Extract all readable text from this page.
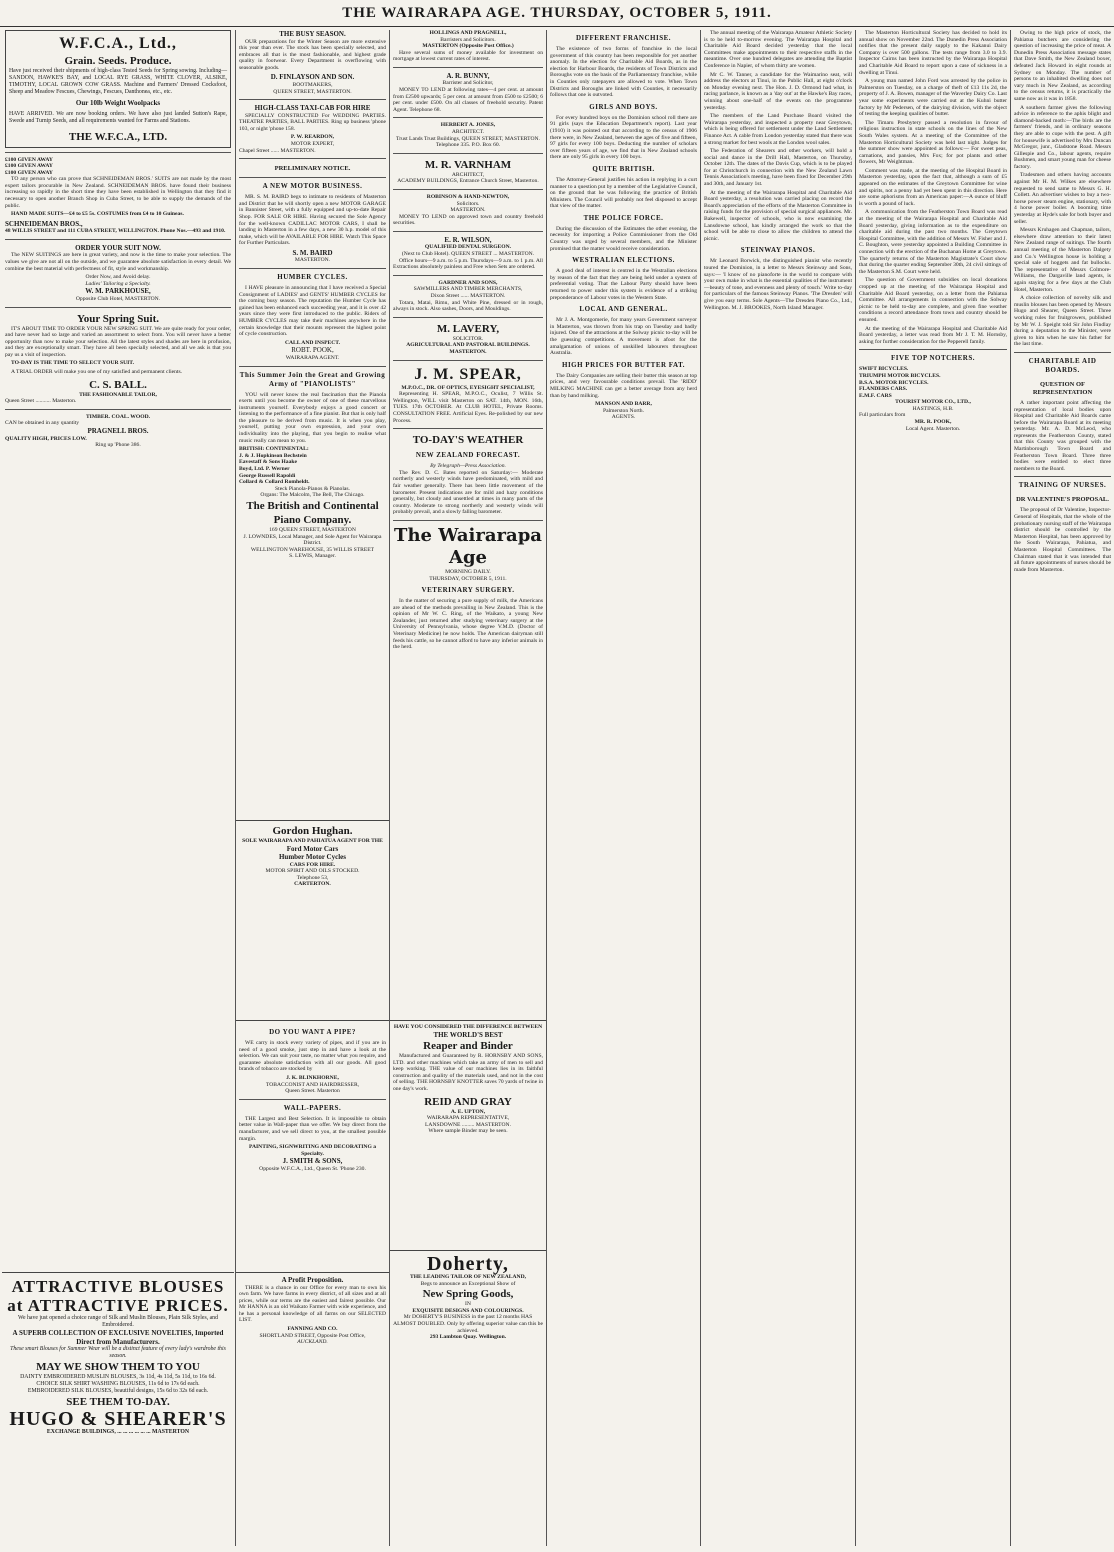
THE WAIRARAPA AGE. THURSDAY, OCTOBER 5, 1911.
W.F.C.A., Ltd.,
Grain. Seeds. Produce.
Have just received their shipments of high-class Tested Seeds for Spring sowing. Including— SANDON, HAWKE'S BAY, and LOCAL RYE GRASS, WHITE CLOVER, ALSIKE, TIMOTHY, LOCAL GROWN COW GRASS. Machine and Farmers' Dressed Cocksfoot, Sheep and Meadow Fescues, Chewings, Fescues, Danthonea, etc., etc.
Our 10lb Weight Woolpacks
HAVE ARRIVED. We are now booking orders. We have also just landed Sutton's Rape, Swede and Turnip Seeds, and all requirements wanted for Farms and Stations.
THE W.F.C.A., LTD.
£100 GIVEN AWAY
£100 GIVEN AWAY
£100 GIVEN AWAY

TO any person who can prove that SCHNEIDEMAN BROS.' SUITS are not made by the most expert tailors procurable in New Zealand. SCHNEIDEMAN BROS. have found their business increasing so rapidly in the short time they have been established in Wellington that they find it necessary to open another Branch Shop in Cuba Street, to be able to supply the demands of the public.

HAND MADE SUITS—£4 to £5 5s. COSTUMES from £4 to 10 Guineas.

SCHNEIDEMAN BROS.,
48 WILLIS STREET and 111 CUBA STREET, WELLINGTON. Phone Nos.—493 and 1910.
ORDER YOUR SUIT NOW.

The NEW SUITINGS are here in great variety, and now is the time to make your selection. The values we give are not all on the outside, and we guarantee absolute satisfaction in every detail. We combine the best material with perfectness of fit, style and workmanship.

Order Now, and Avoid delay.
Ladies' Tailoring a Specialty.
W. M. PARKHOUSE,
Opposite Club Hotel, MASTERTON.
Your Spring Suit.

IT'S ABOUT TIME TO ORDER YOUR NEW SPRING SUIT. We are quite ready for your order, and have never had so large and varied an assortment to select from. You will never have a better opportunity than now to make your selection. All the latest styles and shades are here in profusion, and they are exceptionally smart. They have all been specially selected, and all we ask is that you pay us a visit of inspection.

TO-DAY IS THE TIME TO SELECT YOUR SUIT.

A TRIAL ORDER will make you one of my satisfied and permanent clients.

C. S. BALL.
THE FASHIONABLE TAILOR,
Queen Street ........... Masterton.
TIMBER. COAL. WOOD.
CAN be obtained in any quantity
PRAGNELL BROS.
QUALITY HIGH, PRICES LOW.
Ring up 'Phone 386.
THE BUSY SEASON.

OUR preparations for the Winter Season are more extensive this year than ever. The stock has been specially selected, and embraces all that is the most fashionable, and highest grade quality in footwear. Every Department is overflowing with seasonable goods.

D. FINLAYSON AND SON.
BOOTMAKERS,
QUEEN STREET, MASTERTON.
HIGH-CLASS TAXI-CAB FOR HIRE

SPECIALLY CONSTRUCTED For WEDDING PARTIES. THEATRE PARTIES, BALL PARTIES. Ring up business 'phone 103, or night 'phone 158.

P. W. REARDON,
MOTOR EXPERT,
Chapel Street ...... MASTERTON.
PRELIMINARY NOTICE.
A NEW MOTOR BUSINESS.

MR. S. M. BAIRD begs to intimate to residents of Masterton and District that he will shortly open a new MOTOR GARAGE in Bannister Street, with a fully equipped and up-to-date Repair Shop. FOR SALE OR HIRE. Having secured the Sole Agency for the well-known CADILLAC MOTOR CARS, I shall be landing in Masterton in a few days, a new 30 h.p. model of this make, which will be AVAILABLE FOR HIRE. Watch This Space for Further Particulars.

S. M. BAIRD
MASTERTON.
HUMBER CYCLES.

I HAVE pleasure in announcing that I have received a Special Consignment of LADIES' and GENTS' HUMBER CYCLES for the coming busy season. The reputation the Humber Cycle has gained has been enhanced each succeeding year, and it is over 42 years since they were first introduced to the public. Riders of HUMBER CYCLES may take their machines anywhere in the certain knowledge that their mounts represent the highest point of cycle construction.

CALL AND INSPECT.
ROBT. POOK,
WAIRARAPA AGENT.
This Summer Join the Great and Growing Army of "PIANOLISTS"

YOU will never know the real fascination that the Pianola exerts until you become the owner of one of these marvellous instruments yourself. Everybody enjoys a good concert or listening to the performance of a fine pianist. But that is only half the pleasure to be derived from music. It is when you play, yourself, putting your own expression, and your own individuality into the playing, that you begin to realise what music really can mean to you.

BRITISH: CONTINENTAL:
J. & J. Hopkinson Bechstein
Eavestaff & Sons Haake
Boyd, Ltd. P. Werner
George Russell Rapoldi
Collard & Collard Romheldt.
Steck Pianola-Pianos & Pianolas.
Organs: The Malcolm, The Bell, The Chicago.
The British and Continental Piano Company.
169 QUEEN STREET, MASTERTON
J. LOWNDES, Local Manager, and Sole Agent for Wairarapa District.
WELLINGTON WAREHOUSE, 35 WILLIS STREET
S. LEWIS, Manager.
HOLLINGS AND PRAGNELL,
Barristers and Solicitors.
MASTERTON (Opposite Post Office.)

Have several sums of money available for investment on mortgage at lowest current rates of interest.

A. R. BUNNY,
Barrister and Solicitor,

MONEY TO LEND at following rates—4 per cent. at amount from £2500 upwards; 5 per cent. at amount from £500 to £2500; 6 per cent. under £500. On all classes of freehold security. Patent Agent. Telephone 68.

HERBERT A. JONES,
ARCHITECT.
Trust Lands Trust Buildings, QUEEN STREET, MASTERTON. Telephone 335. P.O. Box 60.
M. R. VARNHAM
ARCHITECT,
ACADEMY BUILDINGS, Entrance Church Street, Masterton.
ROBINSON & HAND-NEWTON,
Solicitors.
MASTERTON.

MONEY TO LEND on approved town and country freehold securities.

E. R. WILSON,
QUALIFIED DENTAL SURGEON.
(Next to Club Hotel). QUEEN STREET ... MASTERTON.

Office hours—9 a.m. to 5 p.m. Thursdays—9 a.m. to 1 p.m. All Extractions absolutely painless and Free when Sets are ordered.

GARDNER AND SONS,
SAWMILLERS AND TIMBER MERCHANTS,
Dixon Street ...... MASTERTON.

Totara, Matai, Rimu, and White Pine, dressed or in rough, always in stock. Also sashes, Doors, and Mouldings.

M. LAVERY,
SOLICITOR.
AGRICULTURAL AND PASTORAL BUILDINGS. MASTERTON.
J. M. SPEAR,
M.P.O.C., DR. OF OPTICS, EYESIGHT SPECIALIST,

Representing H. SPEAR, M.P.O.C., Oculist, 7 Willis St. Wellington, WILL visit Masterton on SAT. 14th, MON. 16th, TUES. 17th OCTOBER. At CLUB HOTEL, Private Rooms. CONSULTATION FREE. Artificial Eyes. Re-polished by our new Process.

TO-DAY'S WEATHER
NEW ZEALAND FORECAST.
By Telegraph—Press Association.

The Rev. D. C. Bates reported on Saturday:— Moderate northerly and westerly winds have predominated, with mild and fair weather generally. There has been little movement of the barometer. Present indications are for mild and hazy conditions generally, but cloudy and unsettled at times in many parts of the country. Moderate to strong northerly and westerly winds will probably prevail, and a slowly falling barometer.

The Wairarapa Age
MORNING DAILY.
THURSDAY, OCTOBER 5, 1911.
VETERINARY SURGERY.

In the matter of securing a pure supply of milk, the Americans are ahead of the methods prevailing in New Zealand. This is the opinion of Mr W. C. Ring, of the Waikato, a young New Zealander, just returned after studying veterinary surgery at the University of Pennsylvania, whose degree V.M.D. (Doctor of Veterinary Medicine) he now holds. The American dairyman still feeds his cattle, so he cannot afford to have any inferior animals in the herd.

DIFFERENT FRANCHISE.

The existence of two forms of franchise in the local government of this country has been responsible for yet another anomaly. In the election for Charitable Aid Boards, as in the election for Harbour Boards, the residents of Town Districts and Boroughs vote on the basis of the Parliamentary franchise, while in Counties only ratepayers are allowed to vote. When Town Districts and Boroughs are linked with Counties, it necessarily follows that one is outvoted.

GIRLS AND BOYS.

For every hundred boys on the Dominion school roll there are 91 girls (says the Education Department's report). Last year (1910) it was pointed out that according to the census of 1906 there were, in New Zealand, between the ages of five and fifteen, 97 girls for every 100 boys. Deducting the number of scholars over fifteen years of age, we find that in New Zealand schools there are only 95 girls in every 100 boys.

QUITE BRITISH.

The Attorney-General justifies his action in replying in a curt manner to a question put by a member of the Legislative Council, on the ground that he was following the practice of British Ministers. The Council will probably not feel disposed to accept that view of the matter.

THE POLICE FORCE.

During the discussion of the Estimates the other evening, the necessity for importing a Police Commissioner from the Old Country was urged by several members, and the Minister promised that the matter would receive consideration.

WESTRALIAN ELECTIONS.

A good deal of interest is centred in the Westralian elections by reason of the fact that they are being held under a system of preferential voting. That the Labour Party should have been returned to power under this system is evidence of a striking preponderance of Labour votes in the Western State.

LOCAL AND GENERAL.

Mr J. A. Montgomerie, for many years Government surveyor in Masterton, was thrown from his trap on Tuesday and badly injured. One of the attractions at the Solway picnic to-day will be the guessing competitions. A movement is afoot for the amalgamation of unions of unskilled labourers throughout Australia.

HIGH PRICES FOR BUTTER FAT.

The Dairy Companies are selling their butter this season at top prices, and very favourable conditions prevail. The 'RIDD' MILKING MACHINE can get a better average from any herd than by hand milking.

MANSON AND BARR,
Palmerston North.
AGENTS.

The annual meeting of the Wairarapa Amateur Athletic Society is to be held to-morrow evening. The Wairarapa Hospital and Charitable Aid Board decided yesterday that the local Committees make appointments to their respective staffs in the meantime. Over one hundred delegates are attending the Baptist Conference in Napier, of whom thirty are women.

Mr C. W. Tanner, a candidate for the Waimarino seat, will address the electors at Tinui, in the Public Hall, at eight o'clock on Monday evening next. The Hon. J. D. Ormond had what, in racing parlance, is known as a 'day out' at the Hawke's Bay races, winning about one-half of the events on the programme yesterday.

The members of the Land Purchase Board visited the Wairarapa yesterday, and inspected a property near Greytown, which is being offered for settlement under the Land Settlement Finance Act. A cable from London yesterday stated that there was a strong market for best wools at the London wool sales.

The Federation of Shearers and other workers, will hold a social and dance in the Drill Hall, Masterton, on Thursday, October 12th. The dates of the Davis Cup, which is to be played for at Christchurch in connection with the New Zealand Lawn Tennis Association's meeting, have been fixed for December 29th and 30th, and January 1st.

At the meeting of the Wairarapa Hospital and Charitable Aid Board yesterday, a resolution was carried placing on record the Board's appreciation of the efforts of the Masterton Committee in raising funds for the provision of special surgical appliances. Mr. Bakewell, inspector of schools, who is now examining the Lansdowne school, has kindly arranged the work so that the school will be able to close to allow the children to attend the picnic.

STEINWAY PIANOS.

Mr Leonard Borwick, the distinguished pianist who recently toured the Dominion, in a letter to Messrs Steinway and Sons, says:— 'I know of no pianoforte in the world to compare with your own make in what is the essential qualities of the instrument—beauty of tone, and evenness and plenty of touch.' Write to-day for particulars of the famous Steinway Pianos. 'The Dresden' will give you easy terms. Sole Agents—The Dresden Piano Co., Ltd., Wellington. M. J. BROOKES, North Island Manager.

The Masterton Horticultural Society has decided to hold its annual show on November 22nd. The Dunedin Press Association notifies that the present daily supply to the Kakanui Dairy Company is over 500 gallons. The tests range from 3.0 to 3.9. Inspector Cairns has been instructed by the Wairarapa Hospital and Charitable Aid Board to report upon a case of sickness in a dwelling at Tinui.

A young man named John Ford was arrested by the police in Palmerston on Tuesday, on a charge of theft of £13 11s 2d, the property of J. A. Bowen, manager of the Waverley Dairy Co. Last year some experiments were carried out at the Kuhni butter factory by Mr Pedersen, of the dairying division, with the object of testing the keeping qualities of butter.

The Timaru Presbytery passed a resolution in favour of religious instruction in state schools on the lines of the New South Wales system. At a meeting of the Committee of the Masterton Horticultural Society was held last night. Judges for the summer show were appointed as follows:— For sweet peas, carnations, and pansies, Mrs Fox; for pot plants and other flowers, Mr Weightman.

Comment was made, at the meeting of the Hospital Board in Masterton yesterday, upon the fact that, although a sum of £5 appeared on the estimates of the Greytown Committee for wine and spirits, not a penny had yet been spent in this direction. Here are some aphorisms from an American paper:—A ounce of bluff is worth a pound of luck.

A communication from the Featherston Town Board was read at the meeting of the Wairarapa Hospital and Charitable Aid Board yesterday, giving information as to the expenditure on charitable aid during the past two months. The Greytown Hospital Committee, with the addition of Messrs W. Fisher and J. C. Boughton, were yesterday appointed a Building Committee in connection with the erection of the Buchanan Home at Greytown. The quarterly returns of the Masterton Magistrate's Court show that during the quarter ending September 30th, 24 civil sittings of the Masterton S.M. Court were held.

The question of Government subsidies on local donations cropped up at the meeting of the Wairarapa Hospital and Charitable Aid Board yesterday, on a letter from the Pahiatua Committee. All arrangements in connection with the Solway picnic to be held to-day are complete, and given fine weather conditions a record attendance from town and country should be ensured.

At the meeting of the Wairarapa Hospital and Charitable Aid Board yesterday, a letter was read from Mr J. T. M. Hornsby, asking for further consideration for the Pepperell family.

FIVE TOP NOTCHERS.
SWIFT BICYCLES.
TRIUMPH MOTOR BICYCLES.
B.S.A. MOTOR BICYCLES.
FLANDERS CARS.
E.M.F. CARS
TOURIST MOTOR CO., LTD.,
HASTINGS, H.B.
Full particulars from
MR. R. POOK,
Local Agent. Masterton.

Owing to the high price of stock, the Pahiatua butchers are considering the question of increasing the price of meat. A Dunedin Press Association message states that Dave Smith, the New Zealand boxer, defeated Jack Howard in eight rounds at Sydney on Monday. The number of persons to an inhabited dwelling does not vary much in New Zealand, as according to the census returns, it is practically the same now as it was in 1858.

A southern farmer gives the following advice in reference to the aphis blight and diamond-backed moth:—The birds are the farmers' friends, and in ordinary seasons they are able to cope with the pest. A gift for housewife is advertised by Mrs Duncan McGregor, junr., Gladstone Road. Messrs Gillespie and Co., labour agents, require Bushmen, and smart young man for cheese factory.

Tradesmen and others having accounts against Mr H. M. Wilkes are elsewhere requested to send same to Messrs G. H. Collett. An advertiser wishes to buy a two-horse power steam engine, stationary, with 4 horse power boiler. A booming time yesterday at Hyde's sale for both buyer and seller.

Messrs Kruhagen and Chapman, tailors, elsewhere draw attention to their latest New Zealand range of suitings. The fourth annual meeting of the Masterton Dalgety and Co.'s Wellington house is holding a special sale of hoggets and fat bullocks. The representative of Messrs Colmore-Williams, the Dargaville land agents, is again staying for a few days at the Club Hotel, Masterton.

A choice collection of novelty silk and muslin blouses has been opened by Messrs Hugo and Shearer, Queen Street. Three working rules for fruitgrowers, published by Mr W. J. Speight told Sir John Findlay during a deputation to the Minister, were given to him when he saw his father for the last time.

CHARITABLE AID BOARDS.
QUESTION OF REPRESENTATION

A rather important point affecting the representation of local bodies upon Hospital and Charitable Aid Boards came before the Wairarapa Board at its meeting yesterday. Mr. A. D. McLeod, who represents the Featherston County, stated that this County was grouped with the Martinborough Town Board and Featherston Town Board. Three three bodies were entitled to elect three members to the Board.

TRAINING OF NURSES.
DR VALENTINE'S PROPOSAL.

The proposal of Dr Valentine, Inspector-General of Hospitals, that the whole of the probationary nursing staff of the Wairarapa district should be controlled by the Masterton Hospital, has been approved by the South Wairarapa, Pahiatua, and Masterton Hospital Committees. The Chairman stated that it was intended that all future appointments of nurses should be made from Masterton.

ATTRACTIVE BLOUSES at ATTRACTIVE PRICES.
We have just opened a choice range of Silk and Muslin Blouses, Plain Silk Styles, and Embroidered.
A SUPERB COLLECTION OF EXCLUSIVE NOVELTIES, Imported Direct from Manufacturers.
These smart Blouses for Summer Wear will be a distinct feature of every lady's wardrobe this season.
MAY WE SHOW THEM TO YOU
DAINTY EMBROIDERED MUSLIN BLOUSES, 3s 11d, 4s 11d, 5s 11d, to 16s 6d.
CHOICE SILK SHIRT WASHING BLOUSES, 11s 6d to 17s 6d each.
EMBROIDERED SILK BLOUSES, beautiful designs, 15s 6d to 32s 6d each.
SEE THEM TO-DAY.
HUGO & SHEARER'S
EXCHANGE BUILDINGS, ... ... ... ... ... ... MASTERTON
Doherty,
THE LEADING TAILOR OF NEW ZEALAND,
Begs to announce an Exceptional Show of
New Spring Goods,
IN
EXQUISITE DESIGNS AND COLOURINGS.
Mr DOHERTY'S BUSINESS in the past 12 months HAS ALMOST DOUBLED. Only by offering superior value can this be achieved.
293 Lambton Quay. Wellington.
HAVE YOU CONSIDERED THE DIFFERENCE BETWEEN
THE WORLD'S BEST
Reaper and Binder

Manufactured and Guaranteed by R. HORNSBY AND SONS, LTD. and other machines which take an army of men to sell and keep working. THE value of our machines lies in its faithful construction and quality of the materials used, and not in the cost of selling. THE HORNSBY KNOTTER saves 70 yards of twine in one day's work.

REID AND GRAY
A. E. UPTON,
WAIRARAPA REPRESENTATIVE,
LANSDOWNE ......... MASTERTON.
Where sample Binder may be seen.
Gordon Hughan.
SOLE WAIRARAPA AND PAHIATUA AGENT FOR THE
Ford Motor Cars
Humber Motor Cycles
CARS FOR HIRE.
MOTOR SPIRIT AND OILS STOCKED.
Telephone 53,
CARTERTON.
DO YOU WANT A PIPE?

WE carry in stock every variety of pipes, and if you are in need of a good smoke, just step in and have a look at the selection. We can suit your taste, no matter what you require, and guarantee absolute satisfaction with all our goods. All good brands of tobacco are stocked by

J. K. BLINKHORNE,
TOBACCONIST AND HAIRDRESSER,
Queen Street. Masterton
WALL-PAPERS.

THE Largest and Best Selection. It is impossible to obtain better value in Wall-paper than we offer. We buy direct from the manufacturer, and we sell direct to you, at the smallest possible margin.

PAINTING, SIGNWRITING AND DECORATING a Specialty.
J. SMITH & SONS,
Opposite W.F.C.A., Ltd., Queen St. 'Phone 230.
A Profit Proposition.

THERE is a chance in our Office for every man to own his own farm. We have farms in every district, of all sizes and at all prices, while our terms are the easiest and fairest possible. Our Mr HANNA is an old Waikato Farmer with wide experience, and he has a personal knowledge of all farms on our SELECTED LIST.

FANNING AND CO.
SHORTLAND STREET, Opposite Post Office,
AUCKLAND.
